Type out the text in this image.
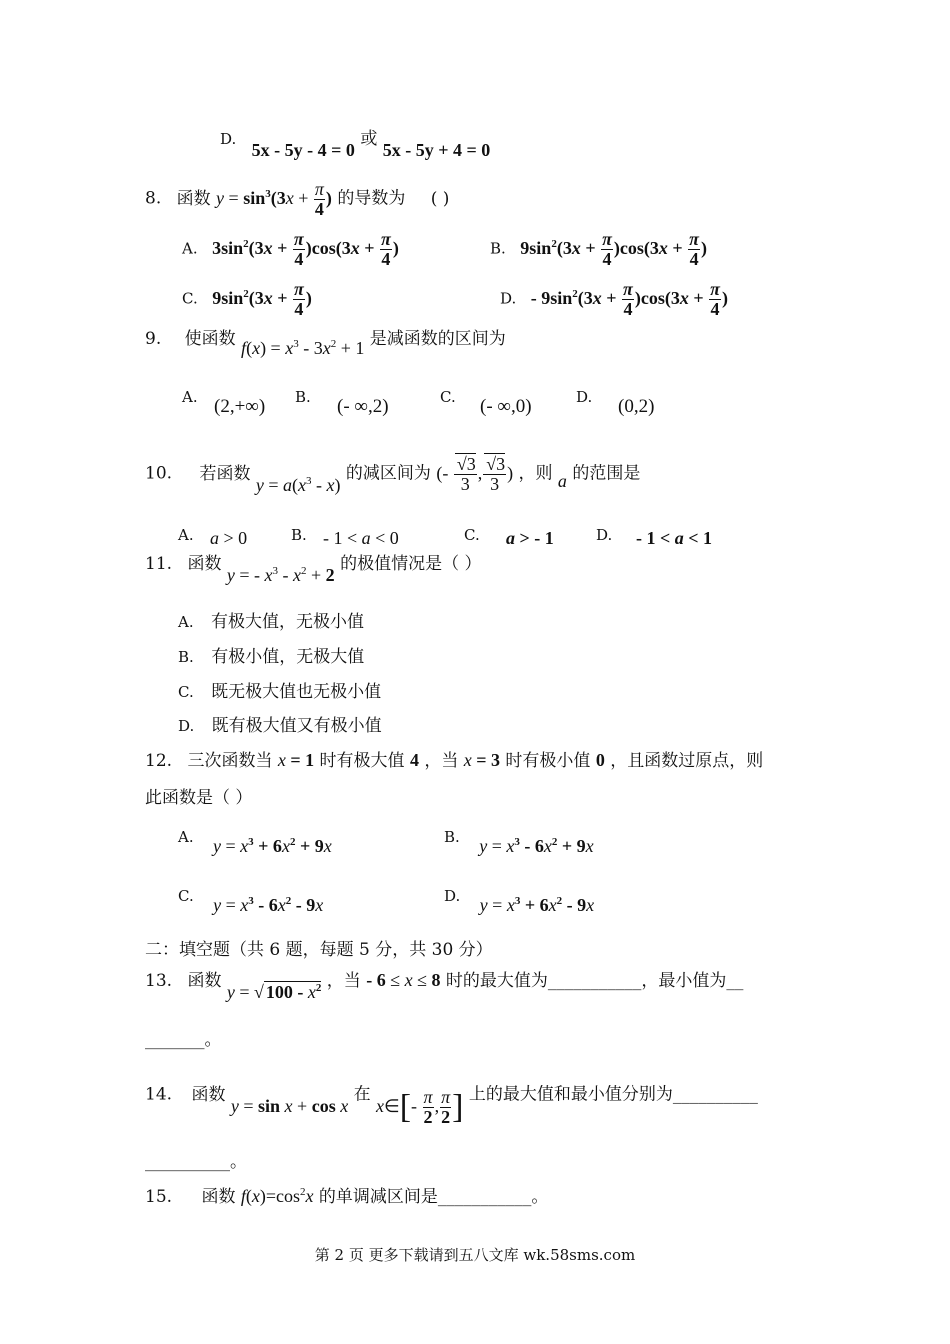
D. 5x - 5y - 4 = 0 或 5x - 5y + 4 = 0
8. 函数 $y = \sin^3(3x + \frac{\pi}{4}$ ) 的导数为 ( )
A. $3\sin^2(3x + \frac{\pi}{4} )\cos(3x + \frac{\pi}{4}$ )	B. $9\sin^2(3x + \frac{\pi}{4} )\cos(3x + \frac{\pi}{4}$ )
C. $9\sin^2(3x + \frac{\pi}{4}$ )	D. - $9\sin^2(3x + \frac{\pi}{4} )\cos(3x + \frac{\pi}{4}$ )
9. 使函数 $f(x) = x^3 - 3x^2 + 1$ 是减函数的区间为
A. (2,+∞) B. (- ∞,2)	C. (- ∞,0)	D. (0,2)
10. 若函数 $y = a(x^3 - x)$ 的减区间为 (- $\frac{√3}{3}$ , $\frac{√3}{3}$ ) ，则 a 的范围是
A. a > 0	B. - 1 < a < 0	C. a > - 1	D. - 1 < a < 1
11. 函数 y = - $x^3 - x^2 + 2$ 的极值情况是（ ）
A. 有极大值，无极小值
B. 有极小值，无极大值
C. 既无极大值也无极小值
D. 既有极大值又有极小值
12. 三次函数当 x = 1 时有极大值 4 ，当 x = 3 时有极小值 0 ，且函数过原点，则
此函数是（ ）
A. $y = x^3 + 6x^2 + 9x$	B. $y = x^3 - 6x^2 + 9x$
C. $y = x^3 - 6x^2 - 9x$	D. $y = x^3 + 6x^2 - 9x$
二：填空题（共 6 题，每题 5 分，共 30 分）
13. 函数 y = √ $100 - x^2$ ，当 - 6 ≤ x ≤ 8 时的最大值为___________，最小值为__
_______。
14. 函数 y = sin x + cos x 在 x∈[- $\frac{\pi}{2}$ , $\frac{\pi}{2}$ ] 上的最大值和最小值分别为__________
__________。
15. 函数 $f(x)=\cos^2x$ 的单调减区间是___________。
第 2 页 更多下载请到五八文库 wk.58sms.com
